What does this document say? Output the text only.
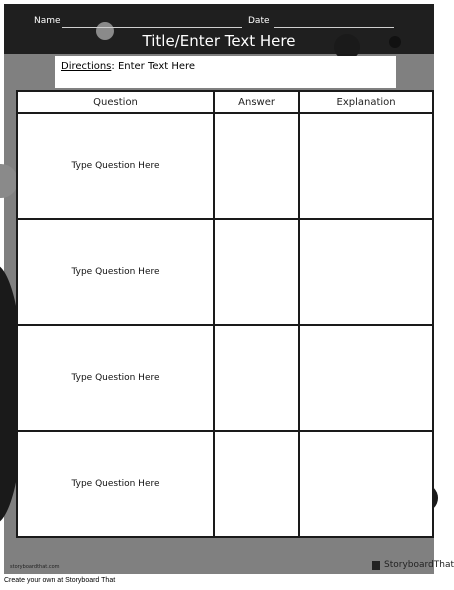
Name	Date
Title/Enter Text Here
Directions: Enter Text Here
Question	Answer	Explanation
Type Question Here		
Type Question Here		
Type Question Here		
Type Question Here		
storyboardthat.com	StoryboardThat
Create your own at Storyboard That
